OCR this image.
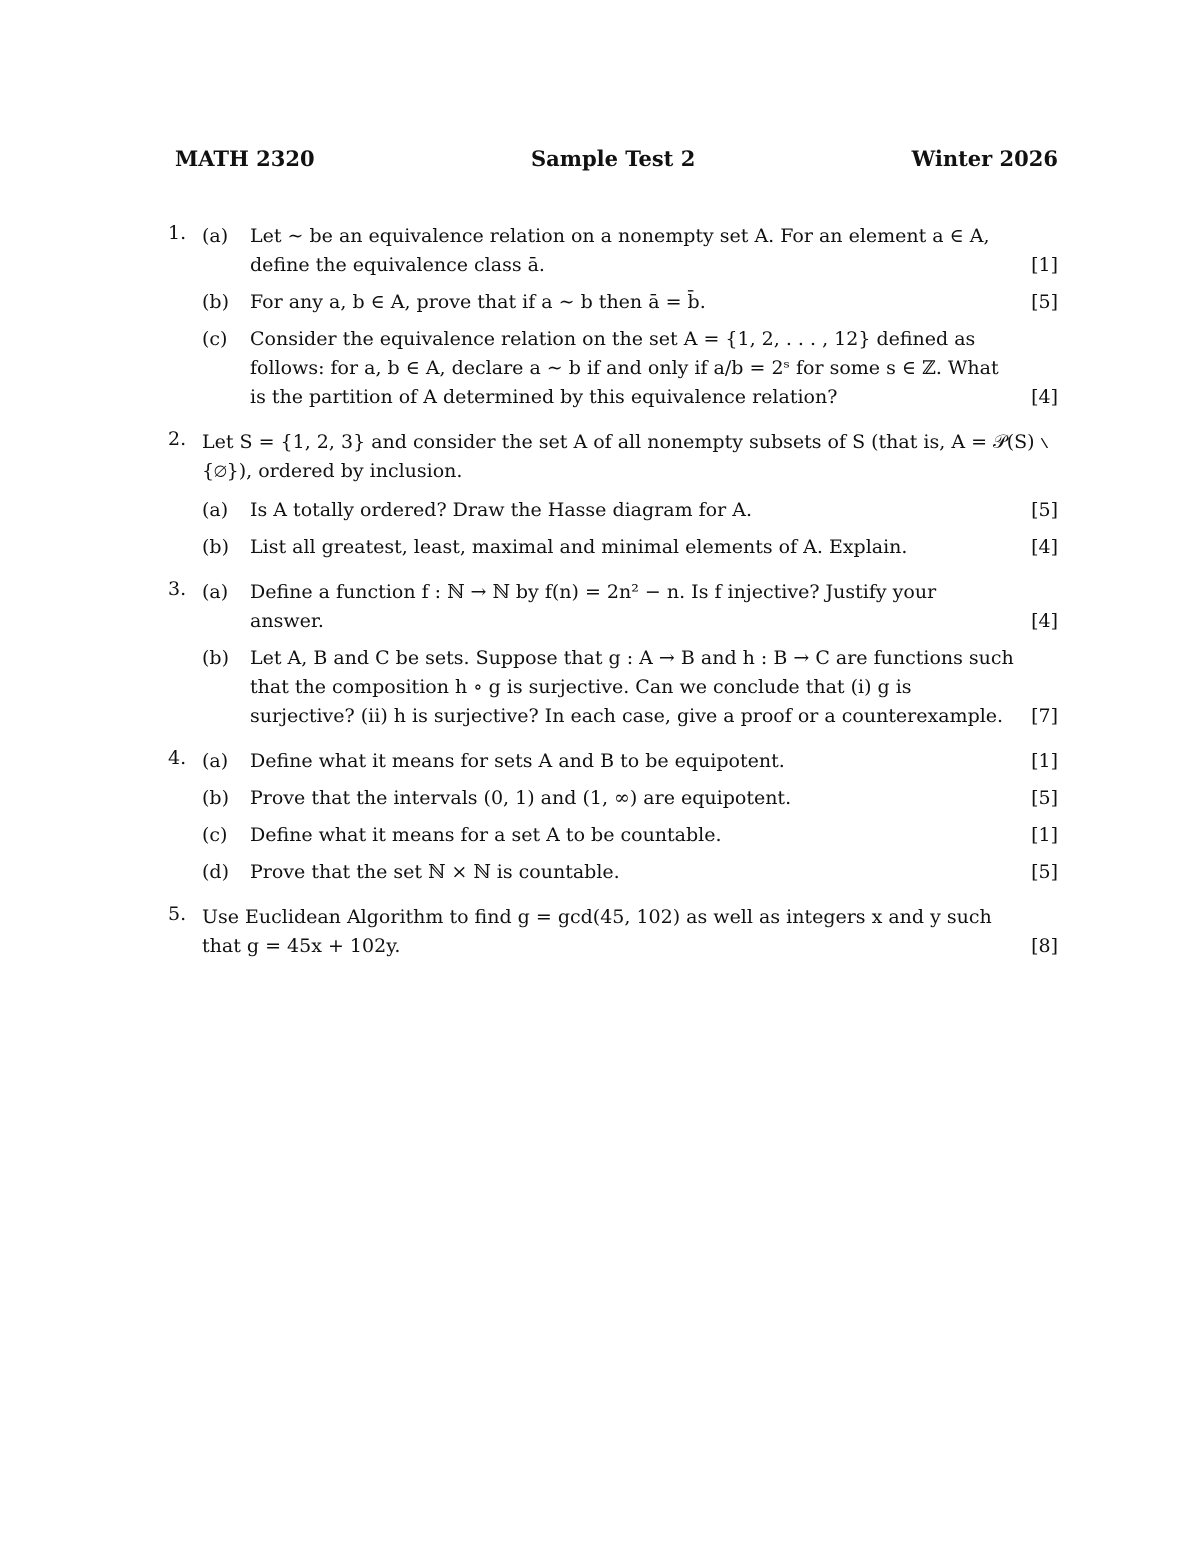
MATH 2320	Sample Test 2	Winter 2026
1. (a)	Let ∼ be an equivalence relation on a nonempty set A. For an element a ∈ A, define the equivalence class ā.	[1]
(b)	For any a, b ∈ A, prove that if a ∼ b then ā = b̄.	[5]
(c)	Consider the equivalence relation on the set A = {1, 2, . . . , 12} defined as follows: for a, b ∈ A, declare a ∼ b if and only if a/b = 2ˢ for some s ∈ ℤ. What is the partition of A determined by this equivalence relation?	[4]
2. Let S = {1, 2, 3} and consider the set A of all nonempty subsets of S (that is, A = 𝒫(S) ∖ {∅}), ordered by inclusion.
(a)	Is A totally ordered? Draw the Hasse diagram for A.	[5]
(b)	List all greatest, least, maximal and minimal elements of A. Explain.	[4]
3. (a)	Define a function f : ℕ → ℕ by f(n) = 2n² − n. Is f injective? Justify your answer.	[4]
(b)	Let A, B and C be sets. Suppose that g : A → B and h : B → C are functions such that the composition h ∘ g is surjective. Can we conclude that (i) g is surjective? (ii) h is surjective? In each case, give a proof or a counterexample.	[7]
4. (a)	Define what it means for sets A and B to be equipotent.	[1]
(b)	Prove that the intervals (0, 1) and (1, ∞) are equipotent.	[5]
(c)	Define what it means for a set A to be countable.	[1]
(d)	Prove that the set ℕ × ℕ is countable.	[5]
5. Use Euclidean Algorithm to find g = gcd(45, 102) as well as integers x and y such that g = 45x + 102y.	[8]
